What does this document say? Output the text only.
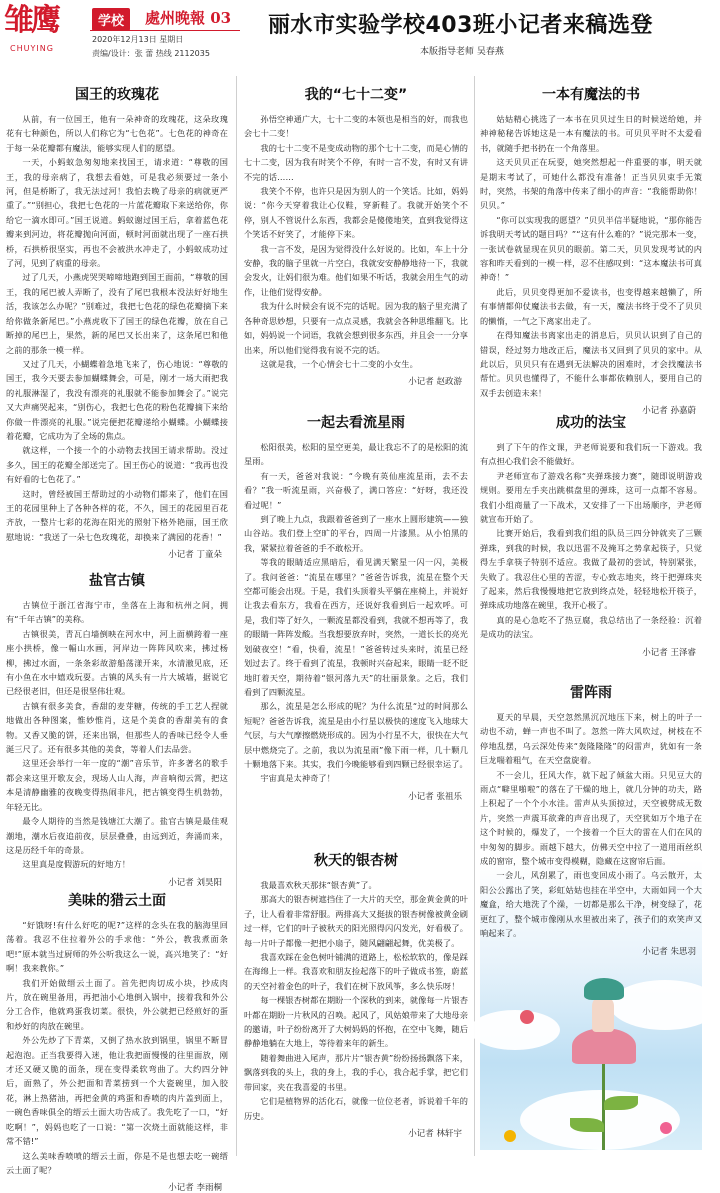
雏鹰
CHUYING
学校	處州晚報 03
2020年12月13日 星期日
责编/设计：张 蕾 热线 2112035
丽水市实验学校403班小记者来稿选登
本版指导老师 吴春燕
国王的玫瑰花

从前，有一位国王，他有一朵神奇的玫瑰花，这朵玫瑰花有七种颜色，所以人们称它为“七色花”。七色花的神奇在于每一朵花瓣都有魔法，能够实现人们的愿望。

一天，小蚂蚁急匆匆地来找国王，请求道：“尊敬的国王，我的母亲病了，我想去看她，可是我必须要过一条小河，但是桥断了，我无法过河！我怕去晚了母亲的病就更严重了。”“别担心，我把七色花的一片蓝花瓣取下来送给你，你给它一滴水即可。”国王说道。蚂蚁谢过国王后，拿着蓝色花瓣来到河边，将花瓣抛向河面，顿时河面就出现了一座石拱桥，石拱桥很坚实，再也不会被洪水冲走了，小蚂蚁成功过了河，见到了病重的母亲。

过了几天，小燕虎哭哭啼啼地跑到国王面前，“尊敬的国王，我的尾巴被人弄断了，没有了尾巴我根本没法好好地生活，我该怎么办呢？”别难过，我把七色花的绿色花瓣摘下来给你做条新尾巴。”小燕虎收下了国王的绿色花瓣，放在自己断掉的尾巴上，果然，新的尾巴又长出来了，这条尾巴和他之前的那条一模一样。

又过了几天，小蝴蝶着急地飞来了，伤心地说：“尊敬的国王，我今天要去参加蝴蝶舞会，可是，刚才一场大雨把我的礼服淋湿了，我没有漂亮的礼服就不能参加舞会了。”说完又大声痛哭起来，“别伤心，我把七色花的粉色花瓣摘下来给你做一件漂亮的礼服。”说完便把花瓣递给小蝴蝶。小蝴蝶接着花瓣，它成功为了全场的焦点。

就这样，一个接一个的小动物去找国王请求帮助。没过多久，国王的花瓣全部送完了。国王伤心的说道：“我再也没有好看的七色花了。”

这时，曾经被国王帮助过的小动物们都来了，他们在国王的花园里种上了各种各样的花，不久，国王的花园里百花齐放，一整片七彩的花海在阳光的照射下格外艳丽，国王欣慰地说：“我送了一朵七色玫瑰花，却换来了满园的花香！”

小记者 丁童朵
盐官古镇

古镇位于浙江省海宁市，坐落在上海和杭州之间，拥有“千年古镇”的美称。

古镇很美，青瓦白墙倒映在河水中，河上面横跨着一座座小拱桥，像一幅山水画，河岸边一阵阵风吹来，拂过杨柳，拂过水面，一条条彩故游船荡漾开来，水清澈见底，还有小鱼在水中嬉戏玩耍。古镇的风头有一片大城墙，据说它已经很老旧，但还是很坚伟壮观。

古镇有很多美食，香甜的麦芽糖，传统的手工艺人捏就地做出各种图案，惟妙惟肖，这是个美食的香甜美有的食物。又香又脆的饼，还来出锅，但那些人的香味已经令人垂涎三尺了。还有很多其他的美食，等着人们去品尝。

这里还会举行一年一度的“潮”音乐节，许多著名的歌手都会来这里开歌友会，现场人山人海，声音响彻云霄，把这本是清静幽雅的夜晚变得热闹非凡，把古镇变得生机勃勃，年轻无比。

最令人期待的当然是钱塘江大潮了。盐官古镇是最佳观潮地，潮水后夜追前夜，层层叠叠，由远到近，奔涌而来，这是历经千年的奇景。

这里真是度假游玩的好地方！

小记者 刘昊阳
美味的猎云土面

“好饿呀!有什么好吃的呢?”这样的念头在我的脑海里回荡着。我忍不住拉着外公的手求他：“外公，教我煮面条吧!”原本就当过厨师的外公听我这么一说，高兴地笑了：“好啊！我来教你。”

我们开始做缙云土面了。首先把肉切成小块，抄成肉片，放在碗里备用，再把油小心地倒入锅中，接着我和外公分工合作，他就鸡蛋我切菜。很快，外公就把已经煎好的蛋和炒好的肉放在碗里。

外公先炒了下青菜，又倒了热水放到锅里，锅里不断冒起泡泡。正当我要得入迷，他让我把面慢慢的往里面放，刚才还又硬又脆的面条，现在变得柔软弯曲了。大约四分钟后，面熟了，外公把面和青菜捞到一个大瓷碗里，加入胶花，淋上热猪油，再把金黄的鸡蛋和香喷的肉片盖到面上，一碗色香味俱全的缙云土面大功告成了。我先吃了一口，“好吃啊！”，妈妈也吃了一口说：“第一次烧土面就能这样，非常不错!”

这么美味香喷喷的缙云土面，你是不是也想去吃一碗缙云土面了呢？

小记者 李雨桐
我的“七十二变”

孙悟空神通广大，七十二变的本领也是相当的好，而我也会七十二变！

我的七十二变不是变成动物的那个七十二变，而是心情的七十二变，因为我有时笑个不停，有时一言不发，有时又有讲不完的话……

我笑个不停，也许只是因为别人的一个笑话。比如，妈妈说：“你今天穿着我让心仪鞋，穿新鞋了。我就开始笑个不停，别人不管说什么东西，我都会是傻傻地笑，直到我觉得这个笑话不好笑了，才能停下来。

我一言不发，是因为觉得没什么好说的。比如，车上十分安静，我的脑子里就一片空白，我就安安静静地待一下，我就会发火，让妈们很为难。他们如果不听话，我就会用生气的动作，让他们觉得安静。

我为什么时候会有说不完的话呢。因为我的脑子里充满了各种奇思妙想，只要有一点点灵感，我就会各种思维翻飞。比如，妈妈说一个词语，我就会想到很多东西，并且会一一分享出来，所以他们觉得我有说不完的话。

这就是我，一个心情会七十二变的小女生。

小记者 赵政游
一起去看流星雨

松阳很美，松阳的星空更美，最让我忘不了的是松阳的流星雨。

有一天，爸爸对我说：“今晚有英仙座流星雨，去不去看？”我一听流星雨，兴奋极了，满口答应：“好呀，我还没看过呢！”

到了晚上九点，我跟着爸爸到了一座水上圆形建筑——独山谷站。我们登上空旷的平台，四周一片漆黑。从小怕黑的我，紧紧拉着爸爸的手不敢松开。

等我的眼睛适应黑暗后，看见满天繁星一闪一闪，美极了。我问爸爸：“流星在哪里？”爸爸告诉我，流星在整个天空都可能会出现。于是，我们头顶着头平躺在座椅上，并说好让我去看东方，我看在西方，还说好我看到后一起欢呼。可是，我们等了好久，一颗流星都没看到，我就不想再等了，我的眼睛一阵阵发酸。当我想要放弃时，突然，一道长长的亮光划破夜空！“看，快看，流星！”爸爸转过头来时，流星已经划过去了。终于看到了流星，我顿时兴奋起来，眼睛一眨不眨地盯着天空，期待着“银河落九天”的壮丽景象。之后，我们看到了四颗流星。

那么，流星是怎么形成的呢？为什么流星“过的时间那么短呢？爸爸告诉我，流星是由小行星以极快的速度飞入地球大气层，与大气摩擦燃烧形成的。因为小行星不大，很快在大气层中燃烧完了。之前，我以为流星雨”像下雨一样，几十颗几十颗地落下来。其实，我们今晚能够看到四颗已经很幸运了。

宇宙真是太神奇了！

小记者 张祖乐
秋天的银杏树

我最喜欢秋天那抹“银杏黄”了。

那高大的银杏树遮挡住了一大片的天空，那金黄金黄的叶子，让人看着非常舒服。两排高大又挺拔的银杏树像被黄金刷过一样，它们的叶子被秋天的阳光照得闪闪发光，好看极了。每一片叶子都像一把把小扇子，随风翩翩起舞，优美极了。

我喜欢踩在金色树叶铺满的道路上，松松软软的，像是踩在海绵上一样。我喜欢和朋友捡起落下的叶子做成书签，蔚蓝的天空衬着金色的叶子，我们在树下放风筝，多么快乐呀！

每一棵银杏树都在期盼一个深秋的到来，就像每一片银杏叶都在期盼一片秋风的召唤。起风了，风姑娘带来了大地母亲的邀请，叶子纷纷离开了大树妈妈的怀抱，在空中飞舞，随后静静地躺在大地上，等待着来年的新生。

随着舞曲进入尾声，那片片“银杏黄”纷纷扬扬飘落下来，飘落到我的头上，我的身上，我的手心，我合起手掌，把它们带回家，夹在我喜爱的书里。

它们是植物界的活化石，就像一位位老者，诉说着千年的历史。

小记者 林轩宇
一本有魔法的书

姑姑精心挑选了一本书在贝贝过生日的时候送给她，并神神秘秘告诉她这是一本有魔法的书。可贝贝平时不太爱看书，就随手把书扔在一个角落里。

这天贝贝正在玩耍，她突然想起一件重要的事，明天就是期末考试了，可她什么都没有准备！正当贝贝束手无策时，突然，书架的角落中传来了细小的声音：“我能帮助你！贝贝。”

“你可以实现我的愿望？”贝贝半信半疑地说，“那你能告诉我明天考试的题目吗？”“这有什么难的？”说完那本一变，一张试卷就显现在贝贝的眼前。第二天，贝贝发现考试的内容和昨天看到的一模一样，忍不住感叹到：“这本魔法书可真神奇！”

此后，贝贝变得更加不爱读书，也变得越来越懒了，所有事情都仰仗魔法书去做，有一天，魔法书终于受不了贝贝的懒惰，一气之下离家出走了。

在得知魔法书离家出走的消息后，贝贝认识到了自己的错误，经过努力地改正后，魔法书又回到了贝贝的家中。从此以后，贝贝只有在遇到无法解决的困难时，才会找魔法书帮忙。贝贝也懂得了，不能什么事都依赖别人，要用自己的双手去创造未来！

小记者 孙嘉蔚
成功的法宝

到了下午的作文课，尹老师说要和我们玩一下游戏。我有点担心我们会不能做好。

尹老师宣布了游戏名称“夹弹珠接力赛”，随即说明游戏规则。要用左手夹出跳棋盘里的弹珠，这可一点都不容易。我们小组商量了一下战术，又安排了一下出场顺序，尹老师就宣布开始了。

比赛开始后，我看到我们组的队员三四分钟就夹了三颗弹珠，到我的时候，我以迅雷不及掩耳之势拿起筷子，只觉得左手拿筷子特别不适应。我做了最初的尝试，特别紧张，失败了。我忍住心里的苦涩，专心致志地夹，终于把弹珠夹了起来，然后我慢慢地把它放到终点处，轻轻地松开筷子，弹珠成功地落在碗里，我开心极了。

真的是心急吃不了热豆腐，我总结出了一条经验：沉着是成功的法宝。

小记者 王泽睿
雷阵雨

夏天的早晨，天空忽然黑沉沉地压下来，树上的叶子一动也不动，蝉一声也不叫了。忽然一阵大风吹过，树枝在不停地乱摆，乌云深处传来“轰隆隆隆”的闷雷声，犹如有一条巨龙喘着粗气，在天空盘旋着。

不一会儿，狂风大作，就下起了倾盆大雨。只见豆大的雨点“噼里啪啦”的落在了干燥的地上，就几分钟的功夫，路上积起了一个个小水洼。雷声从头顶掠过，天空被劈成无数片，突然一声震耳欲聋的声音出现了，天空犹如万个地子在这个时候的，爆发了，一个接着一个巨大的雷在人们在风的中匆匆的脚步。雨越下越大，仿佛天空中拉了一道用雨丝织成的窗帘，整个城市变得模糊，隐藏在这窗帘后面。

一会儿，风刮累了，雨也变回成小雨了。乌云散开，太阳公公露出了笑，彩虹姑姑也挂在半空中，大雨如同一个大魔盒，给大地洗了个澡，一切都是那么干净，树变绿了，花更红了，整个城市像刚从水里被出来了，孩子们的欢笑声又响起来了。

小记者 朱思羽
